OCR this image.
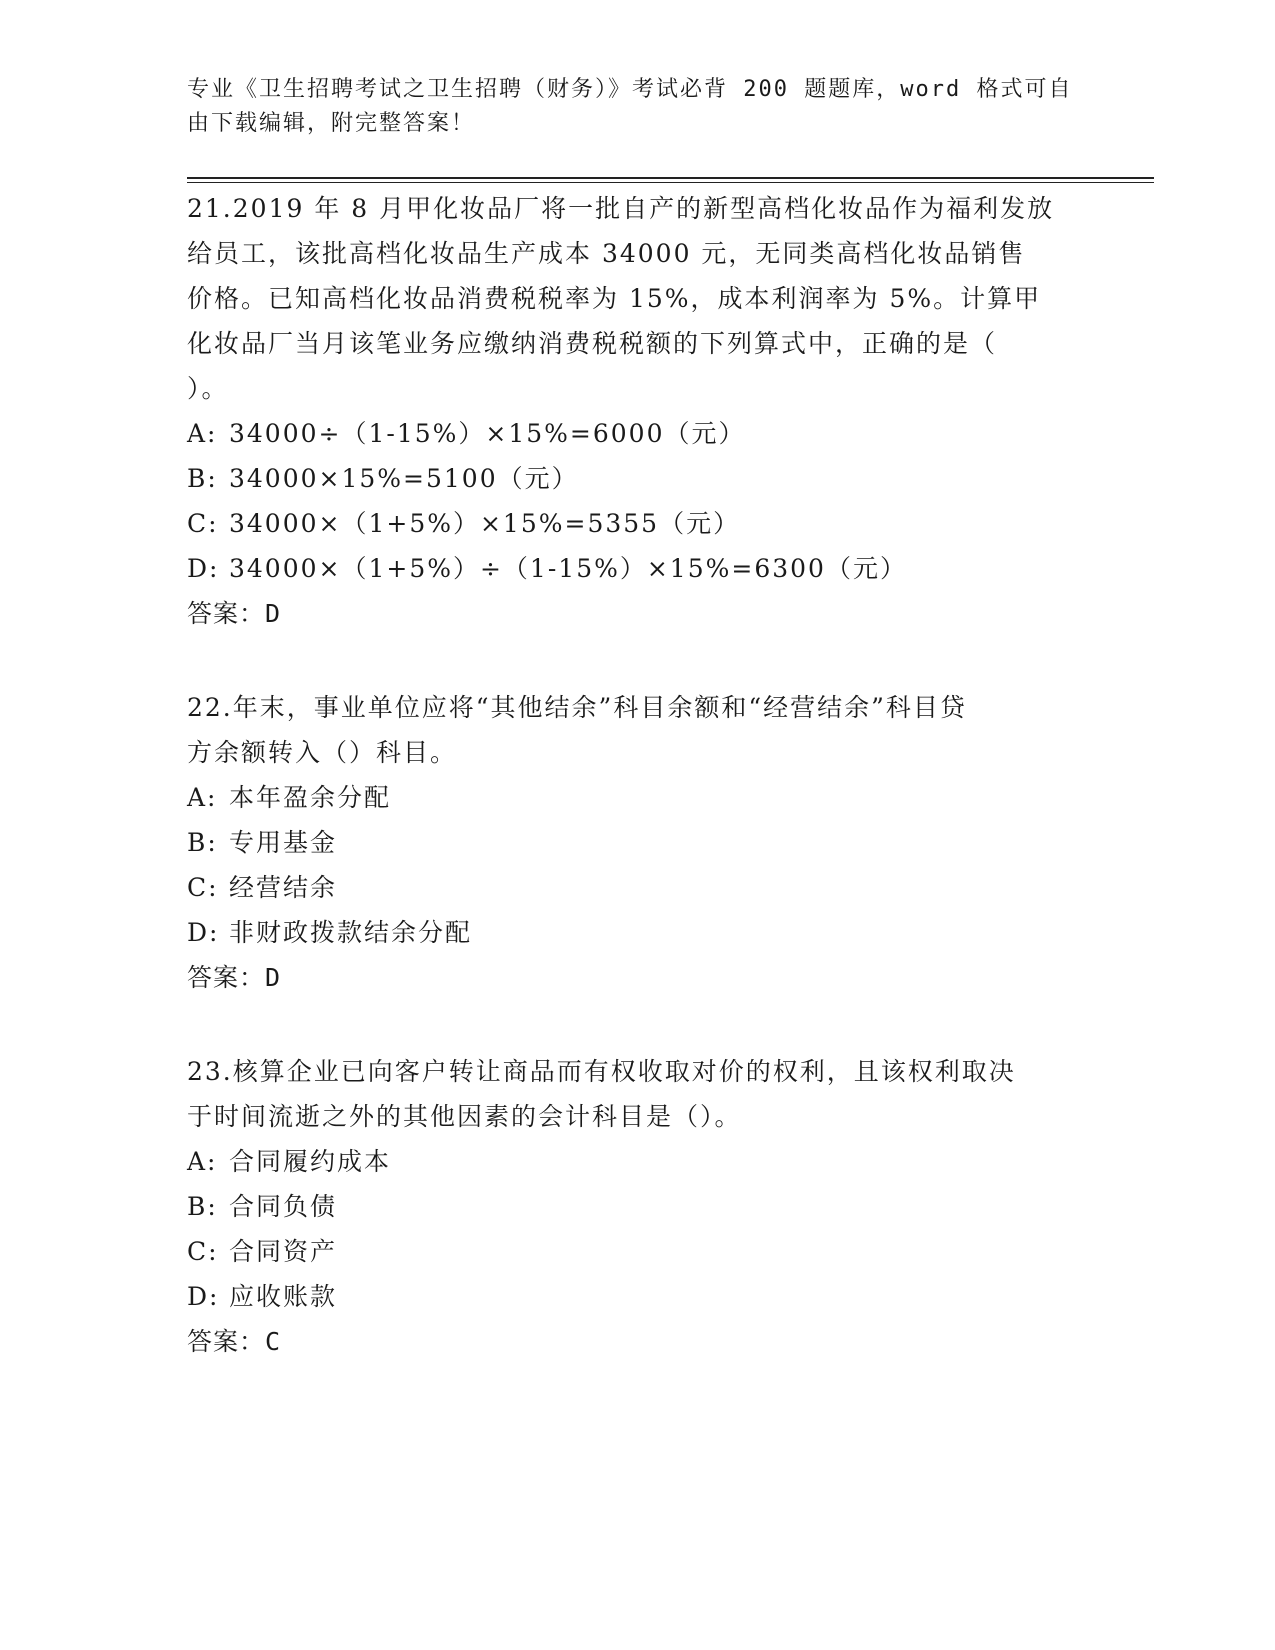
专业《卫生招聘考试之卫生招聘（财务）》考试必背 200 题题库，word 格式可自
由下载编辑，附完整答案！

21.2019 年 8 月甲化妆品厂将一批自产的新型高档化妆品作为福利发放

给员工，该批高档化妆品生产成本 34000 元，无同类高档化妆品销售

价格。已知高档化妆品消费税税率为 15%，成本利润率为 5%。计算甲

化妆品厂当月该笔业务应缴纳消费税税额的下列算式中，正确的是（

）。

A: 34000÷（1-15%）×15%=6000（元）

B: 34000×15%=5100（元）

C: 34000×（1+5%）×15%=5355（元）

D: 34000×（1+5%）÷（1-15%）×15%=6300（元）

答案：D

22.年末，事业单位应将“其他结余”科目余额和“经营结余”科目贷

方余额转入（）科目。

A: 本年盈余分配

B: 专用基金

C: 经营结余

D: 非财政拨款结余分配

答案：D

23.核算企业已向客户转让商品而有权收取对价的权利，且该权利取决

于时间流逝之外的其他因素的会计科目是（）。

A: 合同履约成本

B: 合同负债

C: 合同资产

D: 应收账款

答案：C
